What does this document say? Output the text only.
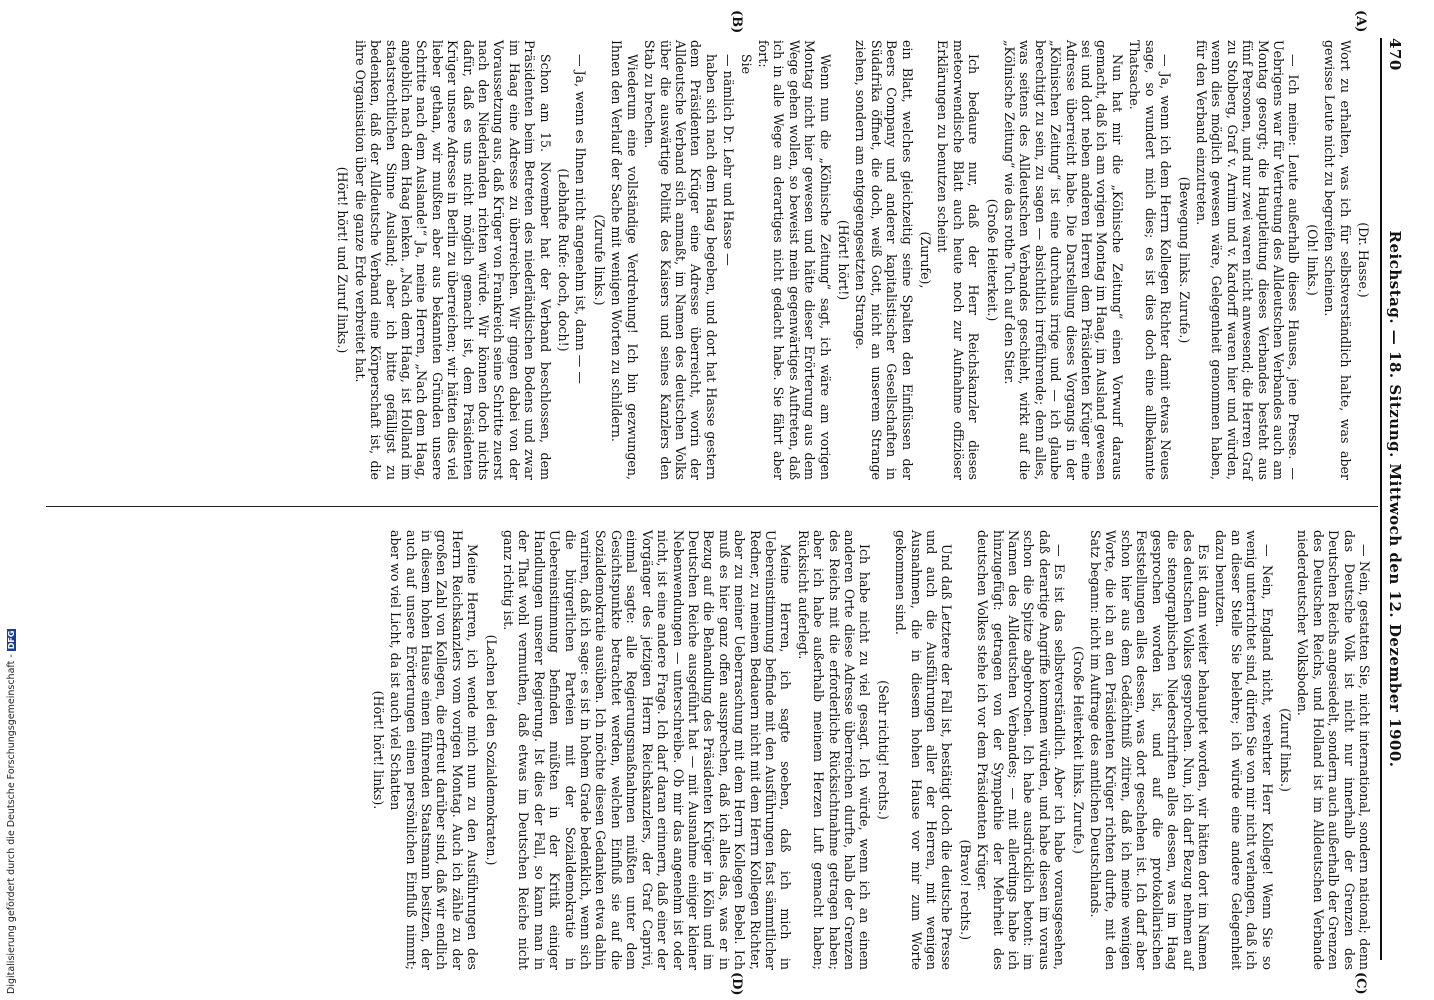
470
Reichstag. — 18. Sitzung. Mittwoch den 12. Dezember 1900.
(A)
(B)
(C)
(D)

(Dr. Hasse.)

Wort zu erhalten, was ich für selbstverständlich halte, was aber gewisse Leute nicht zu begreifen scheinen.

(Oh! links.)

— Ich meine: Leute außerhalb dieses Hauses, jene Presse. — Uebrigens war für Vertretung des Alldeutschen Verbandes auch am Montag gesorgt; die Hauptleitung dieses Verbandes besteht aus fünf Personen, und nur zwei waren nicht anwesend; die Herren Graf zu Stolberg, Graf v. Arnim und v. Kardorff waren hier und würden, wenn dies möglich gewesen wäre, Gelegenheit genommen haben, für den Verband einzutreten.

(Bewegung links. Zurufe.)

— Ja, wenn ich dem Herrn Kollegen Richter damit etwas Neues sage, so wundert mich dies; es ist dies doch eine allbekannte Thatsache.

Nun hat mir die „Kölnische Zeitung“ einen Vorwurf daraus gemacht, daß ich am vorigen Montag im Haag, im Ausland gewesen sei und dort neben anderen Herren dem Präsidenten Krüger eine Adresse überreicht habe. Die Darstellung dieses Vorgangs in der „Kölnischen Zeitung“ ist eine durchaus irrige und — ich glaube berechtigt zu sein, zu sagen — absichtlich irreführende; denn alles, was seitens des Alldeutschen Verbandes geschieht, wirkt auf die „Kölnische Zeitung“ wie das rothe Tuch auf den Stier.

(Große Heiterkeit.)

Ich bedaure nur, daß der Herr Reichskanzler dieses meteorwendische Blatt auch heute noch zur Aufnahme offiziöser Erklärungen zu benutzen scheint

(Zurufe),

ein Blatt, welches gleichzeitig seine Spalten den Einflüssen der Beers Company und anderer kapitalistischer Gesellschaften in Südafrika öffnet, die doch, weiß Gott, nicht an unserem Strange ziehen, sondern am entgegengesetzten Strange.

(Hört! hört!)

Wenn nun die „Kölnische Zeitung“ sagt, ich wäre am vorigen Montag nicht hier gewesen und hätte dieser Erörterung aus dem Wege gehen wollen, so beweist mein gegenwärtiges Auftreten, daß ich in alle Wege an derartiges nicht gedacht habe. Sie fährt aber fort:

Sie

— nämlich Dr. Lehr und Hasse —

haben sich nach dem Haag begeben, und dort hat Hasse gestern dem Präsidenten Krüger eine Adresse überreicht, worin der Alldeutsche Verband sich anmaßt, im Namen des deutschen Volks über die auswärtige Politik des Kaisers und seines Kanzlers den Stab zu brechen.

Wiederum eine vollständige Verdrehung! Ich bin gezwungen, Ihnen den Verlauf der Sache mit wenigen Worten zu schildern.

(Zurufe links.)

— Ja, wenn es Ihnen nicht angenehm ist, dann — —

(Lebhafte Rufe: doch, doch!)

Schon am 15. November hat der Verband beschlossen, dem Präsidenten beim Betreten des niederländischen Bodens und zwar im Haag eine Adresse zu überreichen. Wir gingen dabei von der Voraussetzung aus, daß Krüger von Frankreich seine Schritte zuerst nach den Niederlanden richten würde. Wir können doch nichts dafür, daß es uns nicht möglich gemacht ist, dem Präsidenten Krüger unsere Adresse in Berlin zu überreichen; wir hätten dies viel lieber gethan, wir mußten aber aus bekannten Gründen unsere Schritte nach dem Auslande!“ Ja, meine Herren, „Nach dem Haag, angeblich nach dem Haag lenken. „Nach dem Haag, ist Holland im staatsrechtlichen Sinne Ausland; aber ich bitte gefälligst zu bedenken, daß der Alldeutsche Verband eine Körperschaft ist, die ihre Organisation über die ganze Erde verbreitet hat.

(Hört! hört! und Zuruf links.)

— Nein, gestatten Sie, nicht international, sondern national; denn das Deutsche Volk ist nicht nur innerhalb der Grenzen des Deutschen Reichs angesiedelt, sondern auch außerhalb der Grenzen des Deutschen Reichs, und Holland ist im Alldeutschen Verbande niederdeutscher Volksboden.

(Zuruf links.)

— Nein, England nicht, verehrter Herr Kollege! Wenn Sie so wenig unterrichtet sind, dürfen Sie von mir nicht verlangen, daß ich an dieser Stelle Sie belehre; ich würde eine andere Gelegenheit dazu benutzen.

Es ist dann weiter behauptet worden, wir hätten dort im Namen des deutschen Volkes gesprochen. Nun, ich darf Bezug nehmen auf die stenographischen Niederschriften alles dessen, was im Haag gesprochen worden ist, und auf die protokollarischen Feststellungen alles dessen, was dort geschehen ist. Ich darf aber schon hier aus dem Gedächtniß zitiren, daß ich meine wenigen Worte, die ich an den Präsidenten Krüger richten durfte, mit den Satz begann: nicht im Auftrage des amtlichen Deutschlands.

(Große Heiterkeit links. Zurufe.)

— Es ist das selbstverständlich. Aber ich habe vorausgesehen, daß derartige Angriffe kommen würden, und habe diesen im voraus schon die Spitze abgebrochen. Ich habe ausdrücklich betont: im Namen des Alldeutschen Verbandes; — mit allerdings habe ich hinzugefügt: getragen von der Sympathie der Mehrheit des deutschen Volkes stehe ich vor dem Präsidenten Krüger.

(Bravo! rechts.)

Und daß Letztere der Fall ist, bestätigt doch die deutsche Presse und auch die Ausführungen aller der Herren, mit wenigen Ausnahmen, die in diesem hohen Hause vor mir zum Worte gekommen sind.

(Sehr richtig! rechts.)

Ich habe nicht zu viel gesagt. Ich würde, wenn ich an einem anderen Orte diese Adresse überreichen durfte, halb der Grenzen des Reichs mit die erforderliche Rücksichtnahme getragen haben; aber ich habe außerhalb meinem Herzen Luft gemacht haben; Rücksicht auferlegt.

Meine Herren, ich sagte soeben, daß ich mich in Uebereinstimmung befinde mit den Ausführungen fast sämmtlicher Redner, zu meinem Bedauern nicht mit dem Herrn Kollegen Richter, aber zu meiner Ueberraschung mit dem Herrn Kollegen Bebel. Ich muß es hier ganz offen aussprechen, daß ich alles das, was er in Bezug auf die Behandlung des Präsidenten Krüger in Köln und im Deutschen Reiche ausgeführt hat — mit Ausnahme einiger kleiner Nebenwendungen — unterschreibe. Ob mir das angenehm ist oder nicht, ist eine andere Frage. Ich darf daran erinnern, daß einer der Vorgänger des jetzigen Herrn Reichskanzlers, der Graf Caprivi, einmal sagte: alle Regierungsmaßnahmen müßten unter dem Gesichtspunkte betrachtet werden, welchen Einfluß sie auf die Sozialdemokratie ausüben. Ich möchte diesen Gedanken etwa dahin variiren, daß ich sage: es ist in hohem Grade bedenklich, wenn sich die bürgerlichen Parteien mit der Sozialdemokratie in Uebereinstimmung befinden müßten in der Kritik einiger Handlungen unserer Regierung. Ist dies der Fall, so kann man in der That wohl vermuthen, daß etwas im Deutschen Reiche nicht ganz richtig ist.

(Lachen bei den Sozialdemokraten.)

Meine Herren, ich wende mich nun zu den Ausführungen des Herrn Reichskanzlers vom vorigen Montag. Auch ich zähle zu der großen Zahl von Kollegen, die erfreut darüber sind, daß wir endlich in diesem hohen Hause einen führenden Staatsmann besitzen, der auch auf unsere Erörterungen einen persönlichen Einfluß nimmt; aber wo viel Licht, da ist auch viel Schatten

(Hört! hört! links).

Digitalisierung gefördert durch die Deutsche Forschungsgemeinschaft -DFG
